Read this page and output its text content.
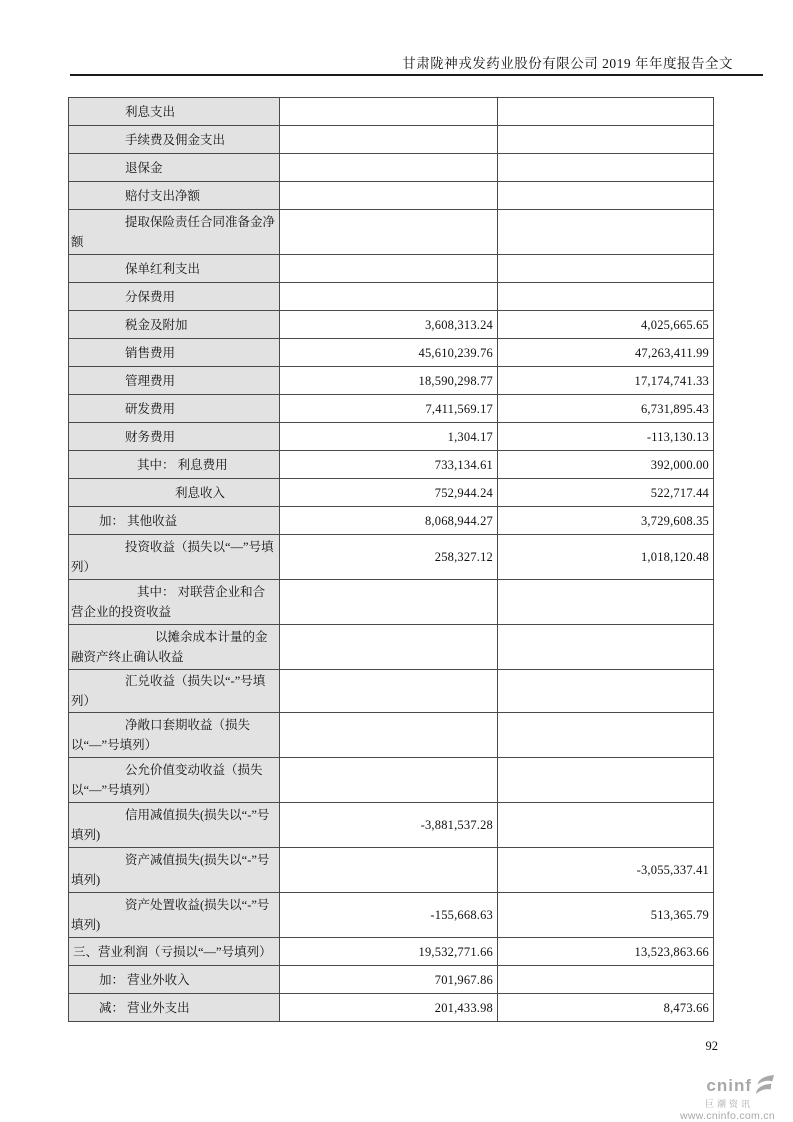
甘肃陇神戎发药业股份有限公司 2019 年年度报告全文
利息支出		
手续费及佣金支出		
退保金		
赔付支出净额		
提取保险责任合同准备金净额		
保单红利支出		
分保费用		
税金及附加	3,608,313.24	4,025,665.65
销售费用	45,610,239.76	47,263,411.99
管理费用	18,590,298.77	17,174,741.33
研发费用	7,411,569.17	6,731,895.43
财务费用	1,304.17	-113,130.13
其中： 利息费用	733,134.61	392,000.00
利息收入	752,944.24	522,717.44
加： 其他收益	8,068,944.27	3,729,608.35
投资收益（损失以“—”号填列）	258,327.12	1,018,120.48
其中： 对联营企业和合营企业的投资收益		
以摊余成本计量的金融资产终止确认收益		
汇兑收益（损失以“-”号填列）		
净敞口套期收益（损失以“—”号填列）		
公允价值变动收益（损失以“—”号填列）		
信用减值损失(损失以“-”号填列)	-3,881,537.28	
资产减值损失(损失以“-”号填列)		-3,055,337.41
资产处置收益(损失以“-”号填列)	-155,668.63	513,365.79
三、营业利润（亏损以“—”号填列）	19,532,771.66	13,523,863.66
加： 营业外收入	701,967.86	
减： 营业外支出	201,433.98	8,473.66
92
cninf
巨潮资讯
www.cninfo.com.cn
